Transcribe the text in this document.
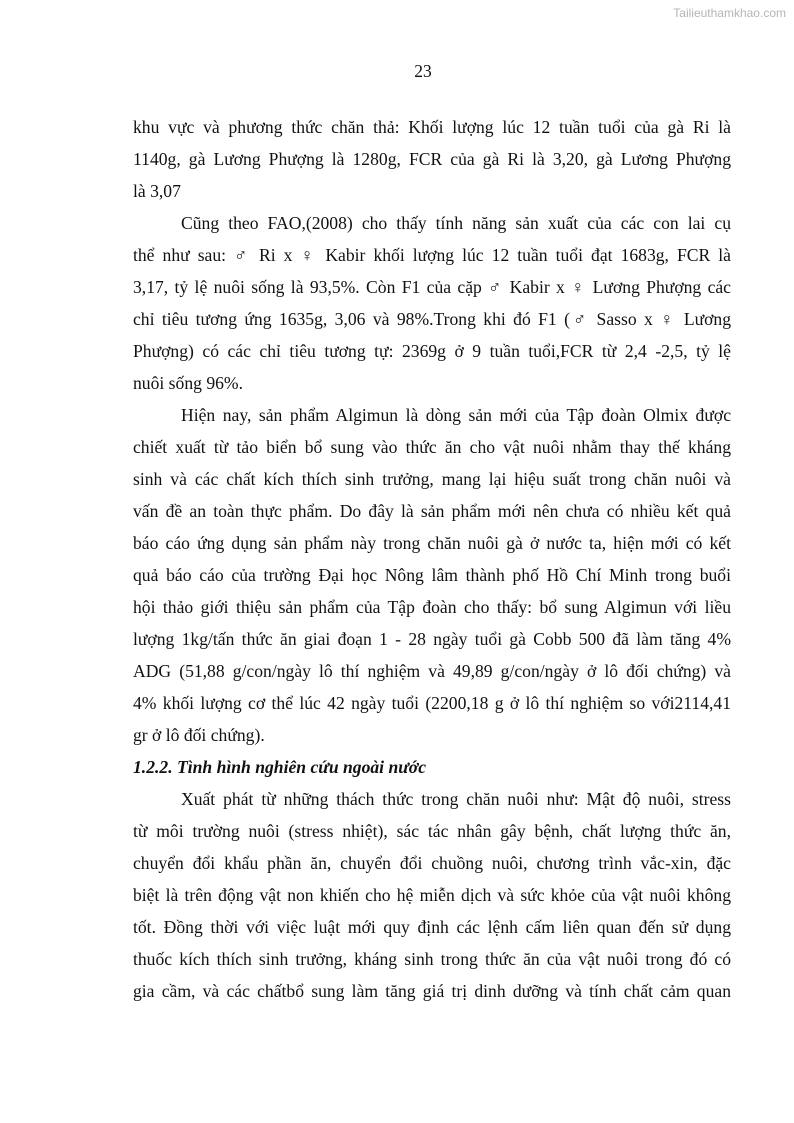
Tailieuthamkhao.com
23
khu vực và phương thức chăn thả: Khối lượng lúc 12 tuần tuổi của gà Ri là
1140g, gà Lương Phượng là 1280g, FCR của gà Ri là 3,20, gà Lương Phượng
là 3,07
Cũng theo FAO,(2008) cho thấy tính năng sản xuất của các con lai cụ
thể như sau: ♂ Ri x ♀ Kabir khối lượng lúc 12 tuần tuổi đạt 1683g, FCR là
3,17, tỷ lệ nuôi sống là 93,5%. Còn F1 của cặp ♂ Kabir x ♀ Lương Phượng các
chỉ tiêu tương ứng 1635g, 3,06 và 98%.Trong khi đó F1 (♂ Sasso x ♀ Lương
Phượng) có các chỉ tiêu tương tự: 2369g ở 9 tuần tuổi,FCR từ 2,4 -2,5, tỷ lệ
nuôi sống 96%.
Hiện nay, sản phẩm Algimun là dòng sản mới của Tập đoàn Olmix được
chiết xuất từ tảo biển bổ sung vào thức ăn cho vật nuôi nhằm thay thế kháng
sinh và các chất kích thích sinh trưởng, mang lại hiệu suất trong chăn nuôi và
vấn đề an toàn thực phẩm. Do đây là sản phẩm mới nên chưa có nhiều kết quả
báo cáo ứng dụng sản phẩm này trong chăn nuôi gà ở nước ta, hiện mới có kết
quả báo cáo của trường Đại học Nông lâm thành phố Hồ Chí Minh trong buổi
hội thảo giới thiệu sản phẩm của Tập đoàn cho thấy: bổ sung Algimun với liều
lượng 1kg/tấn thức ăn giai đoạn 1 - 28 ngày tuổi gà Cobb 500 đã làm tăng 4%
ADG (51,88 g/con/ngày lô thí nghiệm và 49,89 g/con/ngày ở lô đối chứng) và
4% khối lượng cơ thể lúc 42 ngày tuổi (2200,18 g ở lô thí nghiệm so với2114,41
gr ở lô đối chứng).
1.2.2. Tình hình nghiên cứu ngoài nước
Xuất phát từ những thách thức trong chăn nuôi như: Mật độ nuôi, stress
từ môi trường nuôi (stress nhiệt), sác tác nhân gây bệnh, chất lượng thức ăn,
chuyển đổi khẩu phần ăn, chuyển đổi chuồng nuôi, chương trình vắc-xin, đặc
biệt là trên động vật non khiến cho hệ miễn dịch và sức khỏe của vật nuôi không
tốt. Đồng thời với việc luật mới quy định các lệnh cấm liên quan đến sử dụng
thuốc kích thích sinh trưởng, kháng sinh trong thức ăn của vật nuôi trong đó có
gia cầm, và các chấtbổ sung làm tăng giá trị dinh dưỡng và tính chất cảm quan
